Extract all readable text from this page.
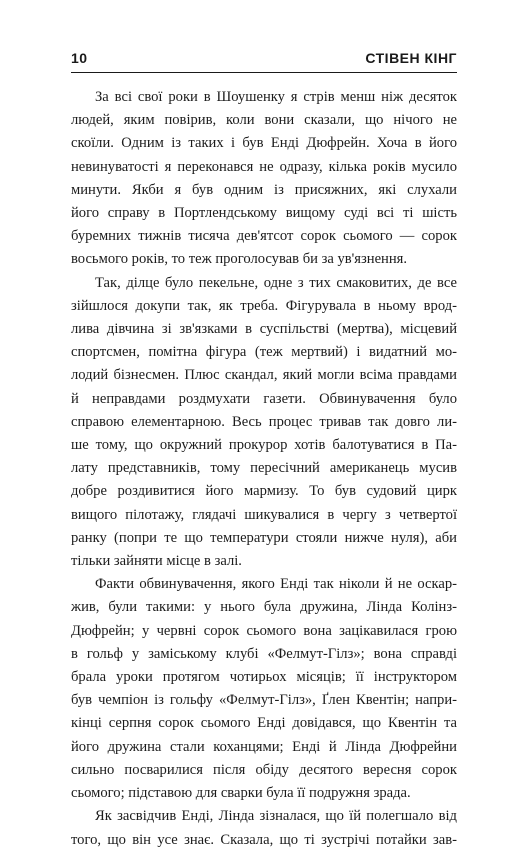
10	СТІВЕН КІНГ
За всі свої роки в Шоушенку я стрів менш ніж десяток
людей, яким повірив, коли вони сказали, що нічого не
скоїли. Одним із таких і був Енді Дюфрейн. Хоча в його
невинуватості я переконався не одразу, кілька років мусило
минути. Якби я був одним із присяжних, які слухали
його справу в Портлендському вищому суді всі ті шість
буремних тижнів тисяча дев'ятсот сорок сьомого — сорок
восьмого років, то теж проголосував би за ув'язнення.
Так, ділце було пекельне, одне з тих смаковитих, де все
зійшлося докупи так, як треба. Фігурувала в ньому врод-
лива дівчина зі зв'язками в суспільстві (мертва), місцевий
спортсмен, помітна фігура (теж мертвий) і видатний мо-
лодий бізнесмен. Плюс скандал, який могли всіма правдами
й неправдами роздмухати газети. Обвинувачення було
справою елементарною. Весь процес тривав так довго ли-
ше тому, що окружний прокурор хотів балотуватися в Па-
лату представників, тому пересічний американець мусив
добре роздивитися його мармизу. То був судовий цирк
вищого пілотажу, глядачі шикувалися в чергу з четвертої
ранку (попри те що температури стояли нижче нуля), аби
тільки зайняти місце в залі.
Факти обвинувачення, якого Енді так ніколи й не оскар-
жив, були такими: у нього була дружина, Лінда Колінз-
Дюфрейн; у червні сорок сьомого вона зацікавилася грою
в гольф у заміському клубі «Фелмут-Гілз»; вона справді
брала уроки протягом чотирьох місяців; її інструктором
був чемпіон із гольфу «Фелмут-Гілз», Ґлен Квентін; напри-
кінці серпня сорок сьомого Енді довідався, що Квентін та
його дружина стали коханцями; Енді й Лінда Дюфрейни
сильно посварилися після обіду десятого вересня сорок
сьомого; підставою для сварки була її подружня зрада.
Як засвідчив Енді, Лінда зізналася, що їй полегшало від
того, що він усе знає. Сказала, що ті зустрічі потайки зав-
